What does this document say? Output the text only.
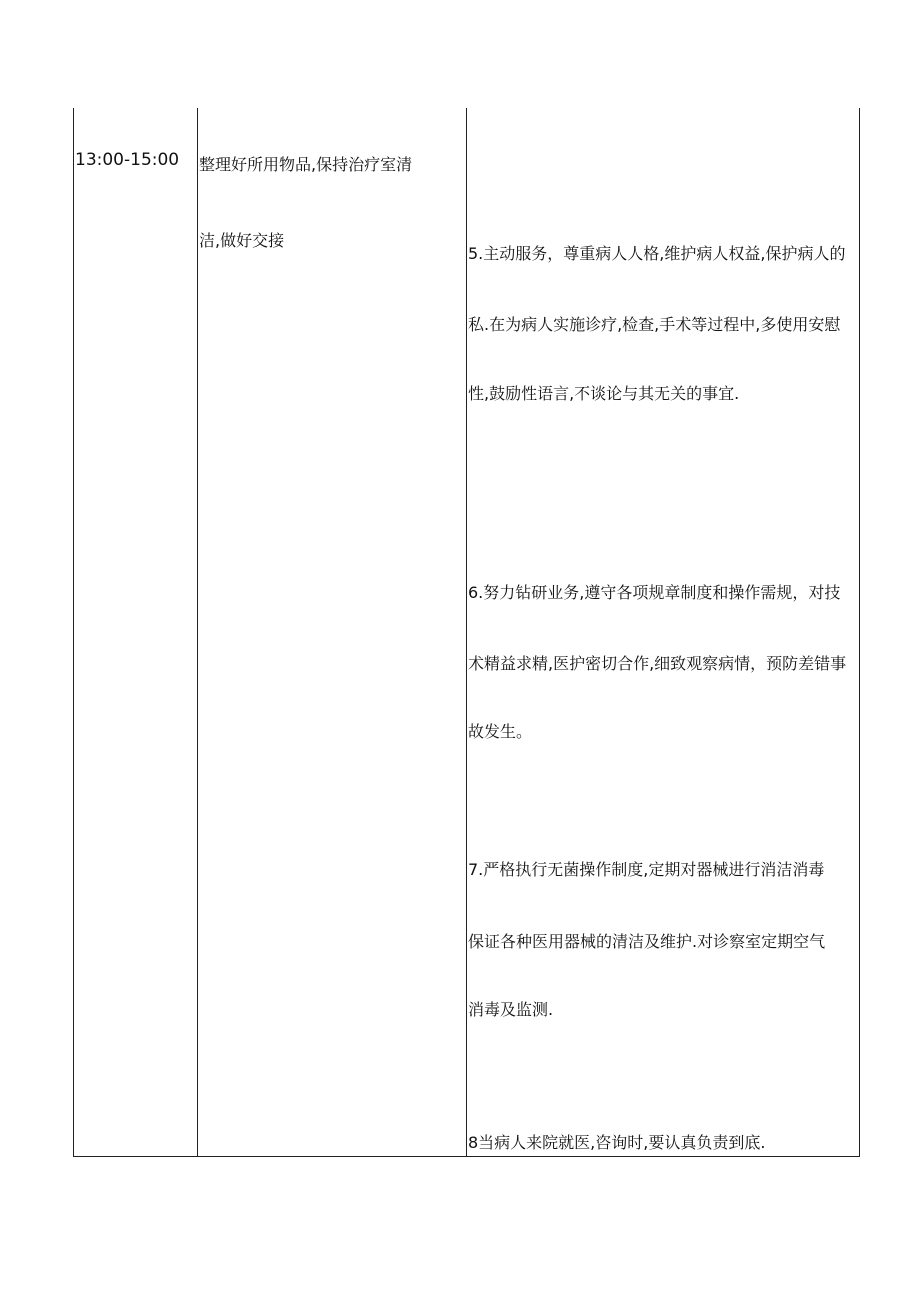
13:00-15:00 整理好所用物品,保持治疗室清
洁,做好交接
5.主动服务，尊重病人人格,维护病人权益,保护病人的
私.在为病人实施诊疗,检查,手术等过程中,多使用安慰
性,鼓励性语言,不谈论与其无关的事宜.
6.努力钻研业务,遵守各项规章制度和操作需规，对技
术精益求精,医护密切合作,细致观察病情，预防差错事
故发生。
7.严格执行无菌操作制度,定期对器械进行消洁消毒
保证各种医用器械的清洁及维护.对诊察室定期空气
消毒及监测.
8当病人来院就医,咨询时,要认真负责到底.
